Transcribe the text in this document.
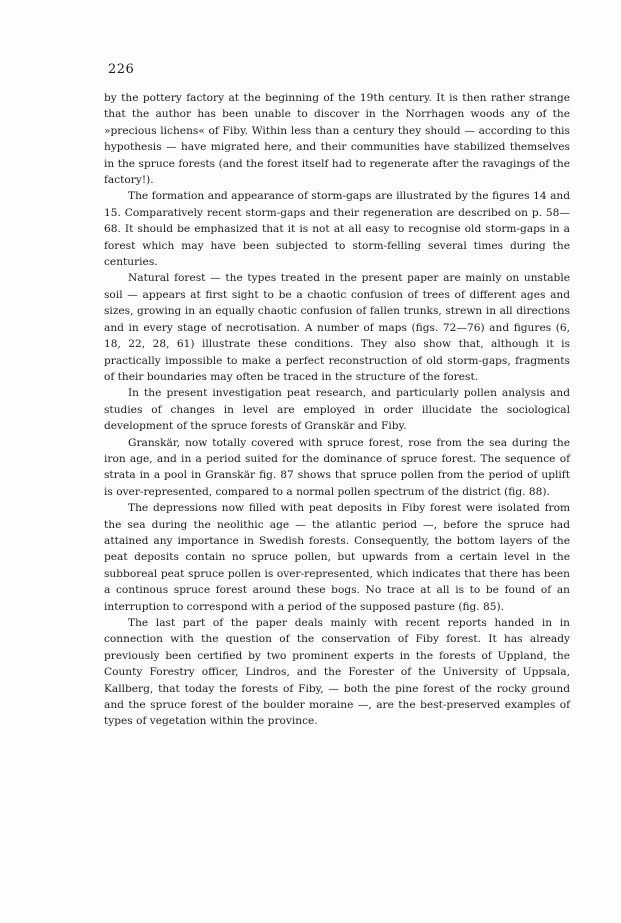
226

by the pottery factory at the beginning of the 19th century. It is then rather strange that the author has been unable to discover in the Norrhagen woods any of the »precious lichens« of Fiby. Within less than a century they should — according to this hypothesis — have migrated here, and their communities have stabilized themselves in the spruce forests (and the forest itself had to regenerate after the ravagings of the factory!).

The formation and appearance of storm-gaps are illustrated by the figures 14 and 15. Comparatively recent storm-gaps and their regeneration are described on p. 58—68. It should be emphasized that it is not at all easy to recognise old storm-gaps in a forest which may have been subjected to storm-felling several times during the centuries.

Natural forest — the types treated in the present paper are mainly on unstable soil — appears at first sight to be a chaotic confusion of trees of different ages and sizes, growing in an equally chaotic confusion of fallen trunks, strewn in all directions and in every stage of necrotisation. A number of maps (figs. 72—76) and figures (6, 18, 22, 28, 61) illustrate these conditions. They also show that, although it is practically impossible to make a perfect reconstruction of old storm-gaps, fragments of their boundaries may often be traced in the structure of the forest.

In the present investigation peat research, and particularly pollen analysis and studies of changes in level are employed in order illucidate the sociological development of the spruce forests of Granskär and Fiby.

Granskär, now totally covered with spruce forest, rose from the sea during the iron age, and in a period suited for the dominance of spruce forest. The sequence of strata in a pool in Granskär fig. 87 shows that spruce pollen from the period of uplift is over-represented, compared to a normal pollen spectrum of the district (fig. 88).

The depressions now filled with peat deposits in Fiby forest were isolated from the sea during the neolithic age — the atlantic period —, before the spruce had attained any importance in Swedish forests. Consequently, the bottom layers of the peat deposits contain no spruce pollen, but upwards from a certain level in the subboreal peat spruce pollen is over-represented, which indicates that there has been a continous spruce forest around these bogs. No trace at all is to be found of an interruption to correspond with a period of the supposed pasture (fig. 85).

The last part of the paper deals mainly with recent reports handed in in connection with the question of the conservation of Fiby forest. It has already previously been certified by two prominent experts in the forests of Uppland, the County Forestry officer, Lindros, and the Forester of the University of Uppsala, Kallberg, that today the forests of Fiby, — both the pine forest of the rocky ground and the spruce forest of the boulder moraine —, are the best-preserved examples of types of vegetation within the province.
